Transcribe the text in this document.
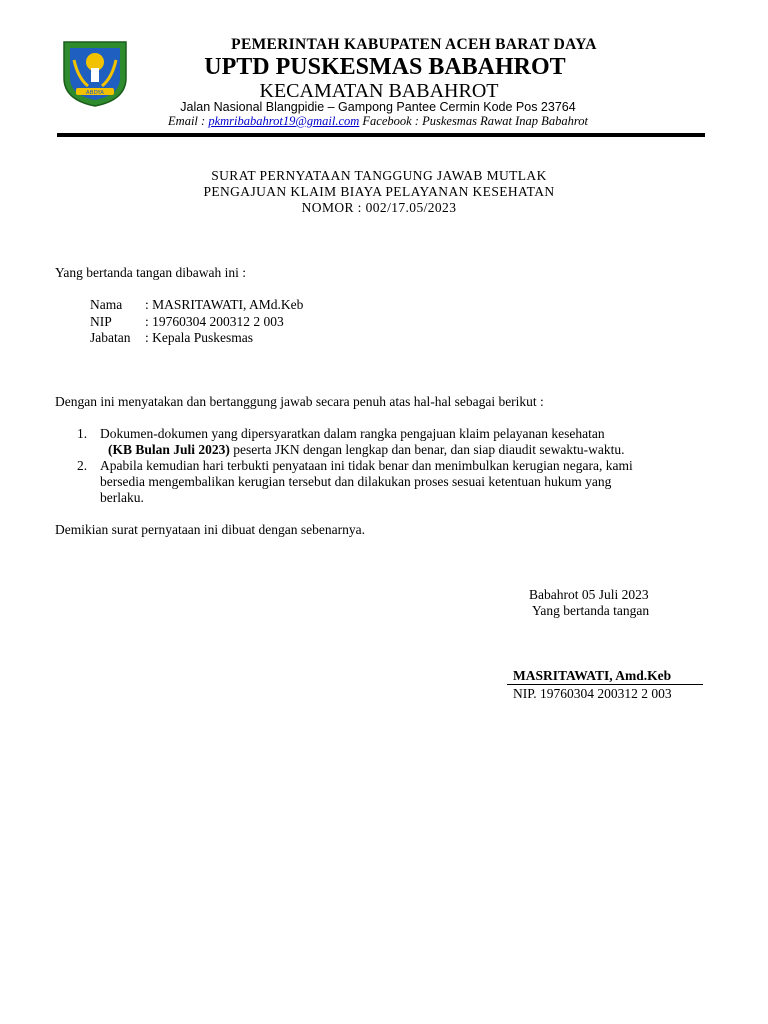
ABDYA
PEMERINTAH KABUPATEN ACEH BARAT DAYA
UPTD PUSKESMAS BABAHROT
KECAMATAN BABAHROT
Jalan Nasional Blangpidie – Gampong Pantee Cermin Kode Pos 23764
Email : pkmribabahrot19@gmail.com Facebook : Puskesmas Rawat Inap Babahrot
SURAT PERNYATAAN TANGGUNG JAWAB MUTLAK
PENGAJUAN KLAIM BIAYA PELAYANAN KESEHATAN
NOMOR : 002/17.05/2023
Yang bertanda tangan dibawah ini :
Nama : MASRITAWATI, AMd.Keb
NIP : 19760304 200312 2 003
Jabatan : Kepala Puskesmas
Dengan ini menyatakan dan bertanggung jawab secara penuh atas hal-hal sebagai berikut :
1. Dokumen-dokumen yang dipersyaratkan dalam rangka pengajuan klaim pelayanan kesehatan
(KB Bulan Juli 2023) peserta JKN dengan lengkap dan benar, dan siap diaudit sewaktu-waktu.
2. Apabila kemudian hari terbukti penyataan ini tidak benar dan menimbulkan kerugian negara, kami
bersedia mengembalikan kerugian tersebut dan dilakukan proses sesuai ketentuan hukum yang
berlaku.
Demikian surat pernyataan ini dibuat dengan sebenarnya.
Babahrot 05 Juli 2023
Yang bertanda tangan
MASRITAWATI, Amd.Keb
NIP. 19760304 200312 2 003
